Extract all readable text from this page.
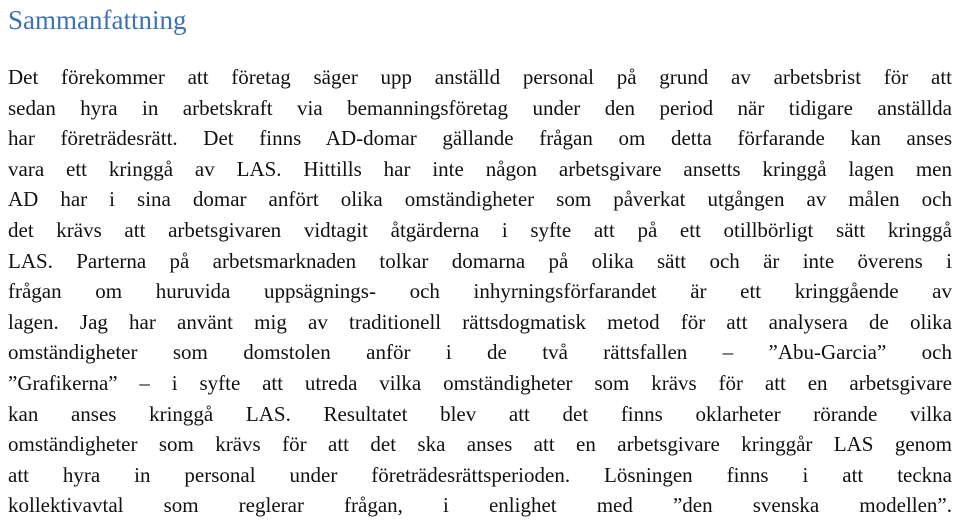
Sammanfattning
Det förekommer att företag säger upp anställd personal på grund av arbetsbrist för att
sedan hyra in arbetskraft via bemanningsföretag under den period när tidigare anställda
har företrädesrätt. Det finns AD-domar gällande frågan om detta förfarande kan anses
vara ett kringgå av LAS. Hittills har inte någon arbetsgivare ansetts kringgå lagen men
AD har i sina domar anfört olika omständigheter som påverkat utgången av målen och
det krävs att arbetsgivaren vidtagit åtgärderna i syfte att på ett otillbörligt sätt kringgå
LAS. Parterna på arbetsmarknaden tolkar domarna på olika sätt och är inte överens i
frågan om huruvida uppsägnings- och inhyrningsförfarandet är ett kringgående av
lagen. Jag har använt mig av traditionell rättsdogmatisk metod för att analysera de olika
omständigheter som domstolen anför i de två rättsfallen – ”Abu-Garcia” och
”Grafikerna” – i syfte att utreda vilka omständigheter som krävs för att en arbetsgivare
kan anses kringgå LAS. Resultatet blev att det finns oklarheter rörande vilka
omständigheter som krävs för att det ska anses att en arbetsgivare kringgår LAS genom
att hyra in personal under företrädesrättsperioden. Lösningen finns i att teckna
kollektivavtal som reglerar frågan, i enlighet med ”den svenska modellen”.
